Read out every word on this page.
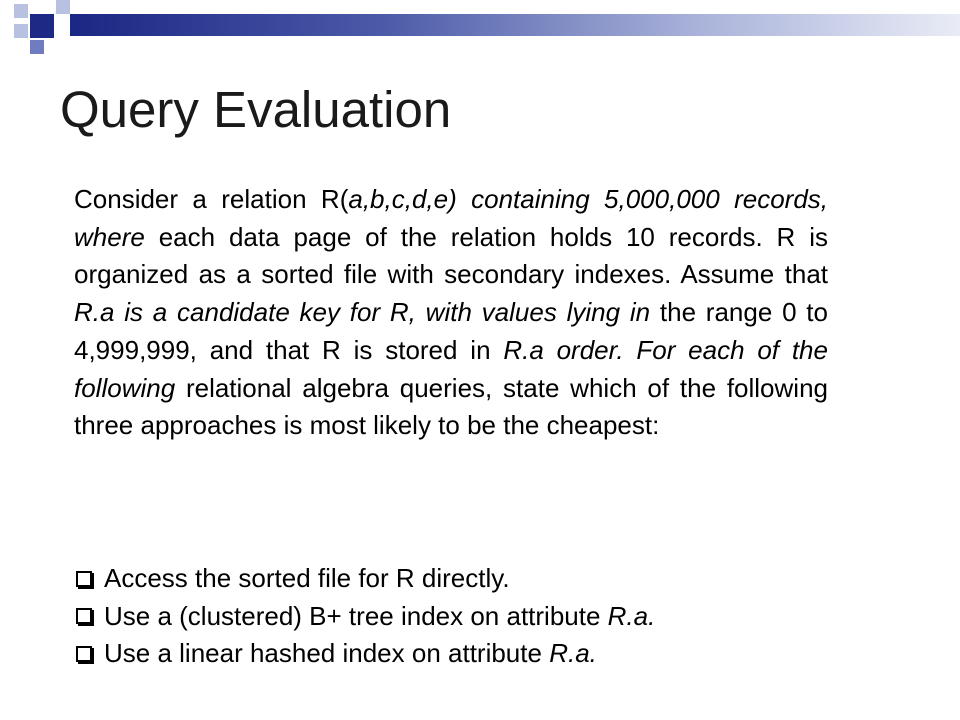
Query Evaluation

Consider a relation R(a,b,c,d,e) containing 5,000,000 records, where each data page of the relation holds 10 records. R is organized as a sorted file with secondary indexes. Assume that R.a is a candidate key for R, with values lying in the range 0 to 4,999,999, and that R is stored in R.a order. For each of the following relational algebra queries, state which of the following three approaches is most likely to be the cheapest:

Access the sorted file for R directly.
Use a (clustered) B+ tree index on attribute R.a.
Use a linear hashed index on attribute R.a.
